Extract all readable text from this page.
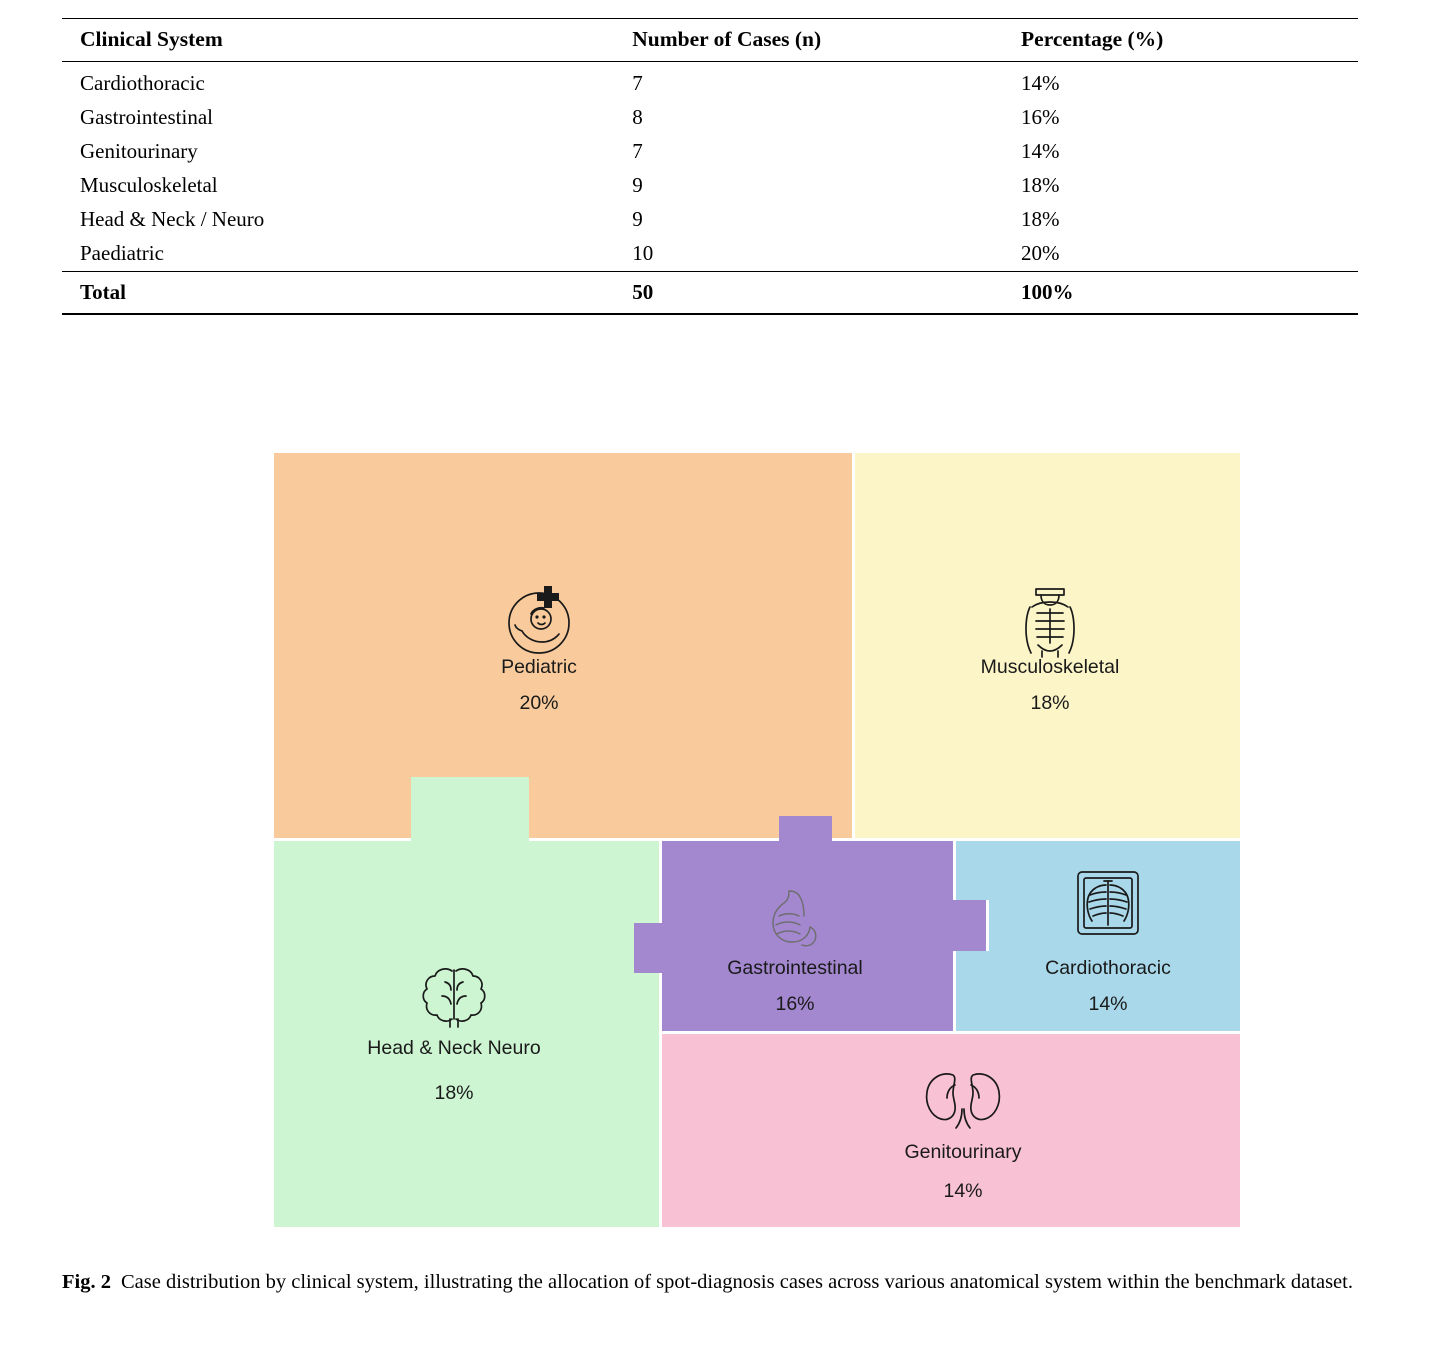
Clinical System	Number of Cases (n)	Percentage (%)
Cardiothoracic	7	14%
Gastrointestinal	8	16%
Genitourinary	7	14%
Musculoskeletal	9	18%
Head & Neck / Neuro	9	18%
Paediatric	10	20%
Total	50	100%
Pediatric
20%
Musculoskeletal
18%
Head & Neck Neuro
18%
Gastrointestinal
16%
Cardiothoracic
14%
Genitourinary
14%
Fig. 2 Case distribution by clinical system, illustrating the allocation of spot-diagnosis cases across various anatomical system within the benchmark dataset.
